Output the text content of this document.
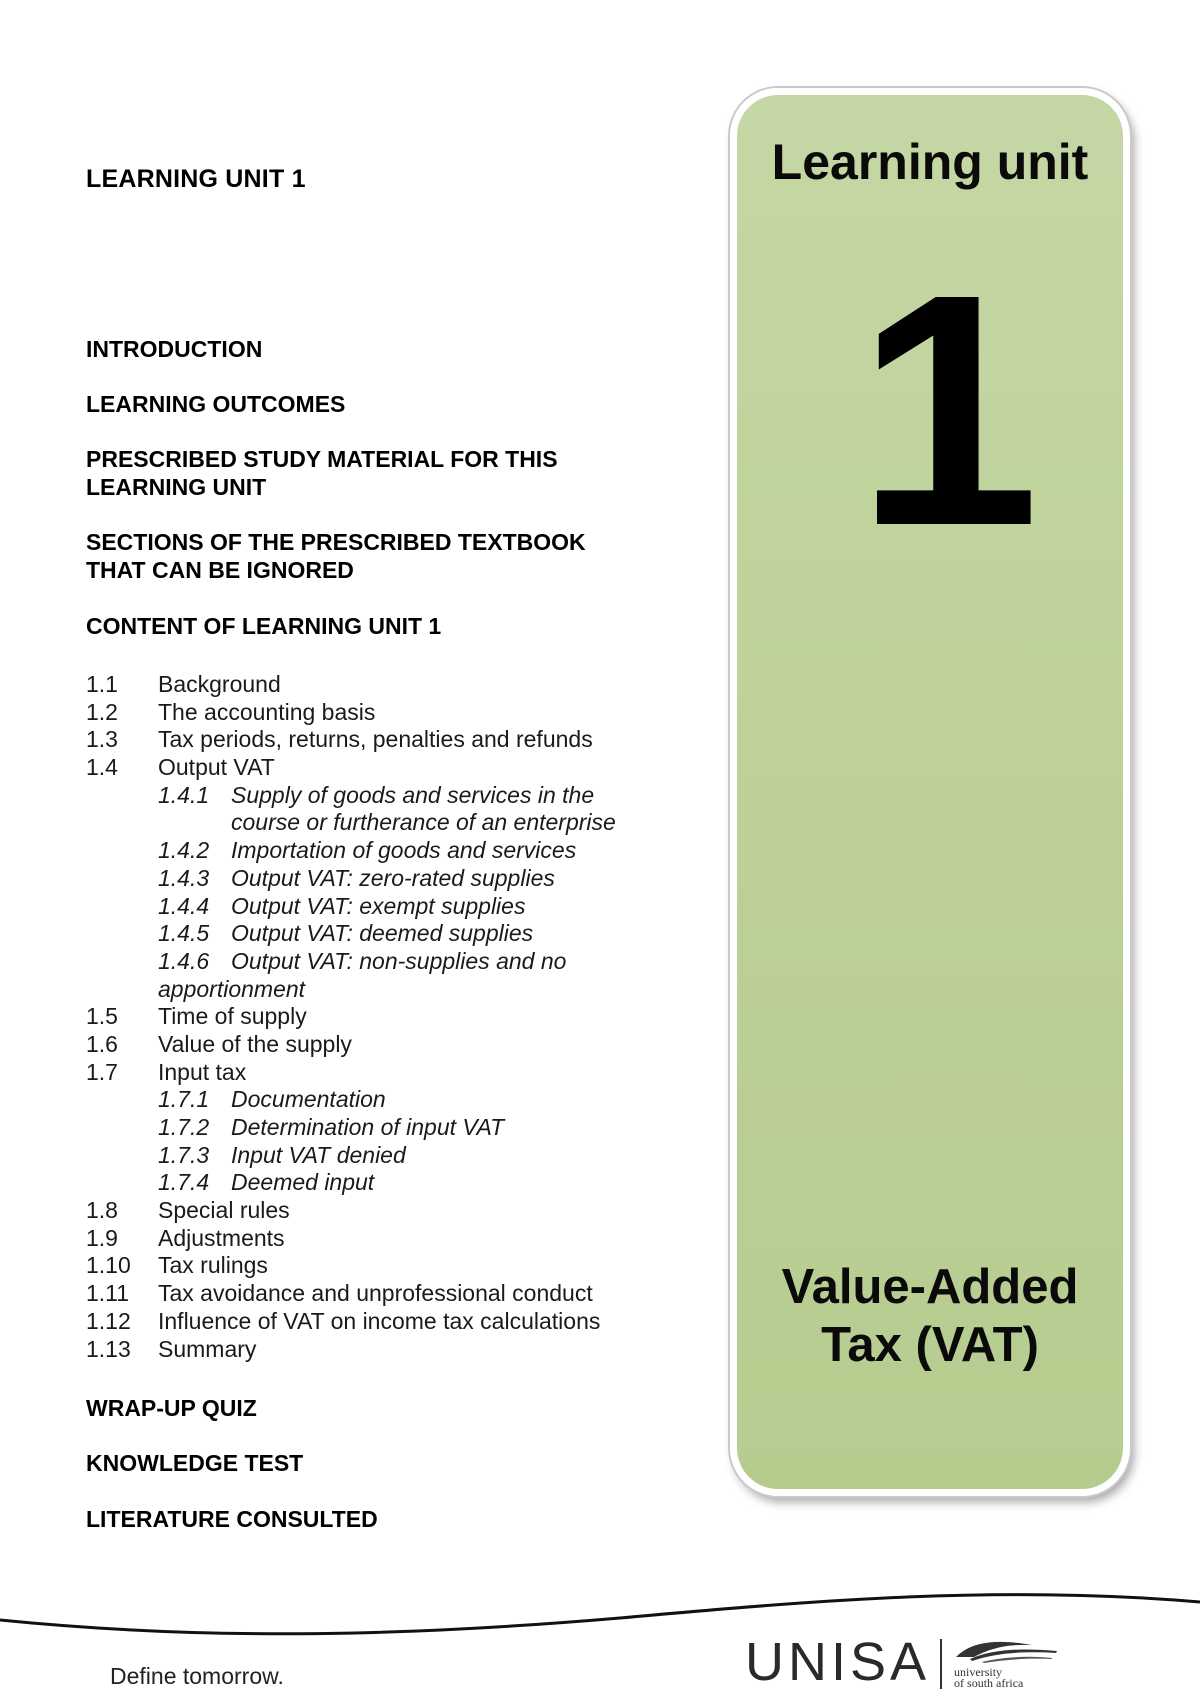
LEARNING UNIT 1
INTRODUCTION
LEARNING OUTCOMES
PRESCRIBED STUDY MATERIAL FOR THIS
LEARNING UNIT
SECTIONS OF THE PRESCRIBED TEXTBOOK
THAT CAN BE IGNORED
CONTENT OF LEARNING UNIT 1
1.1 Background
1.2 The accounting basis
1.3 Tax periods, returns, penalties and refunds
1.4 Output VAT
1.4.1 Supply of goods and services in the
course or furtherance of an enterprise
1.4.2 Importation of goods and services
1.4.3 Output VAT: zero-rated supplies
1.4.4 Output VAT: exempt supplies
1.4.5 Output VAT: deemed supplies
1.4.6 Output VAT: non-supplies and no
apportionment
1.5 Time of supply
1.6 Value of the supply
1.7 Input tax
1.7.1 Documentation
1.7.2 Determination of input VAT
1.7.3 Input VAT denied
1.7.4 Deemed input
1.8 Special rules
1.9 Adjustments
1.10 Tax rulings
1.11 Tax avoidance and unprofessional conduct
1.12 Influence of VAT on income tax calculations
1.13 Summary
WRAP-UP QUIZ
KNOWLEDGE TEST
LITERATURE CONSULTED
Learning unit
1
Value-Added
Tax (VAT)
Define tomorrow.	UNISA university
of south africa
